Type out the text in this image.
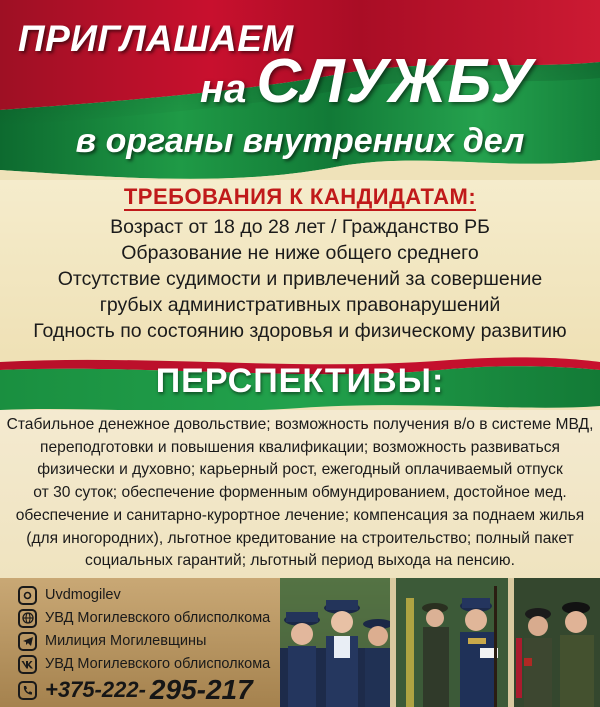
ПРИГЛАШАЕМ
на СЛУЖБУ
в органы внутренних дел
ТРЕБОВАНИЯ К КАНДИДАТАМ:
Возраст от 18 до 28 лет / Гражданство РБ
Образование не ниже общего среднего
Отсутствие судимости и привлечений за совершение
грубых административных правонарушений
Годность по состоянию здоровья и физическому развитию
ПЕРСПЕКТИВЫ:
Стабильное денежное довольствие; возможность получения в/о в системе МВД,
переподготовки и повышения квалификации; возможность развиваться
физически и духовно; карьерный рост, ежегодный оплачиваемый отпуск
от 30 суток; обеспечение форменным обмундированием, достойное мед.
обеспечение и санитарно-курортное лечение; компенсация за поднаем жилья
(для иногородних), льготное кредитование на строительство; полный пакет
социальных гарантий; льготный период выхода на пенсию.
Uvdmogilev
УВД Могилевского облисполкома
Милиция Могилевщины
УВД Могилевского облисполкома
+375-222- 295-217
